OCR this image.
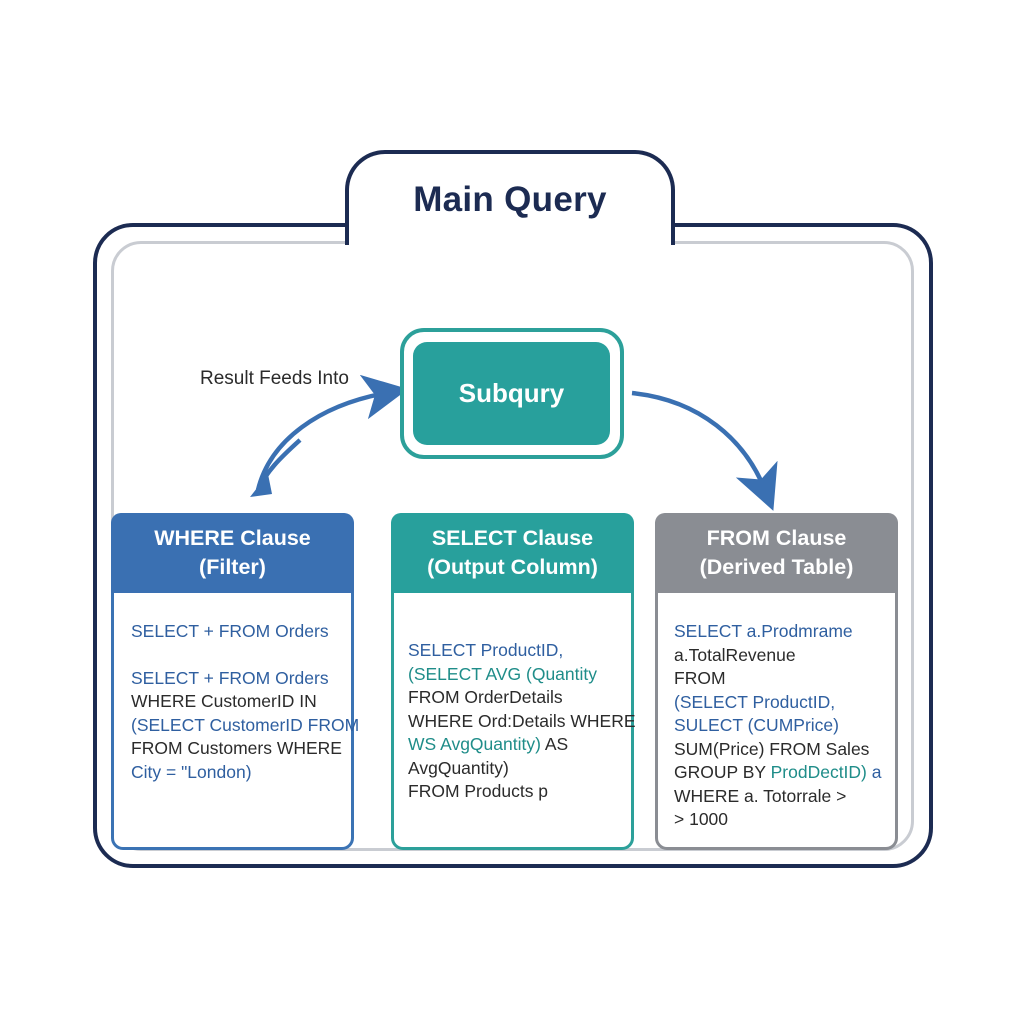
Main Query
Result Feeds Into	Subqury
WHERE Clause
(Filter)
SELECT + FROM Orders
SELECT + FROM Orders
WHERE CustomerID IN
(SELECT CustomerID FROM
FROM Customers WHERE
City = "London)
SELECT Clause
(Output Column)
SELECT ProductID,
(SELECT AVG (Quantity
FROM OrderDetails
WHERE Ord:Details WHERE
WS AvgQuantity) AS
AvgQuantity)
FROM Products p
FROM Clause
(Derived Table)
SELECT a.Prodmrame
a.TotalRevenue
FROM
(SELECT ProductID,
SULECT (CUMPrice)
SUM(Price) FROM Sales
GROUP BY ProdDectID) a
WHERE a. Totorrale >
> 1000
